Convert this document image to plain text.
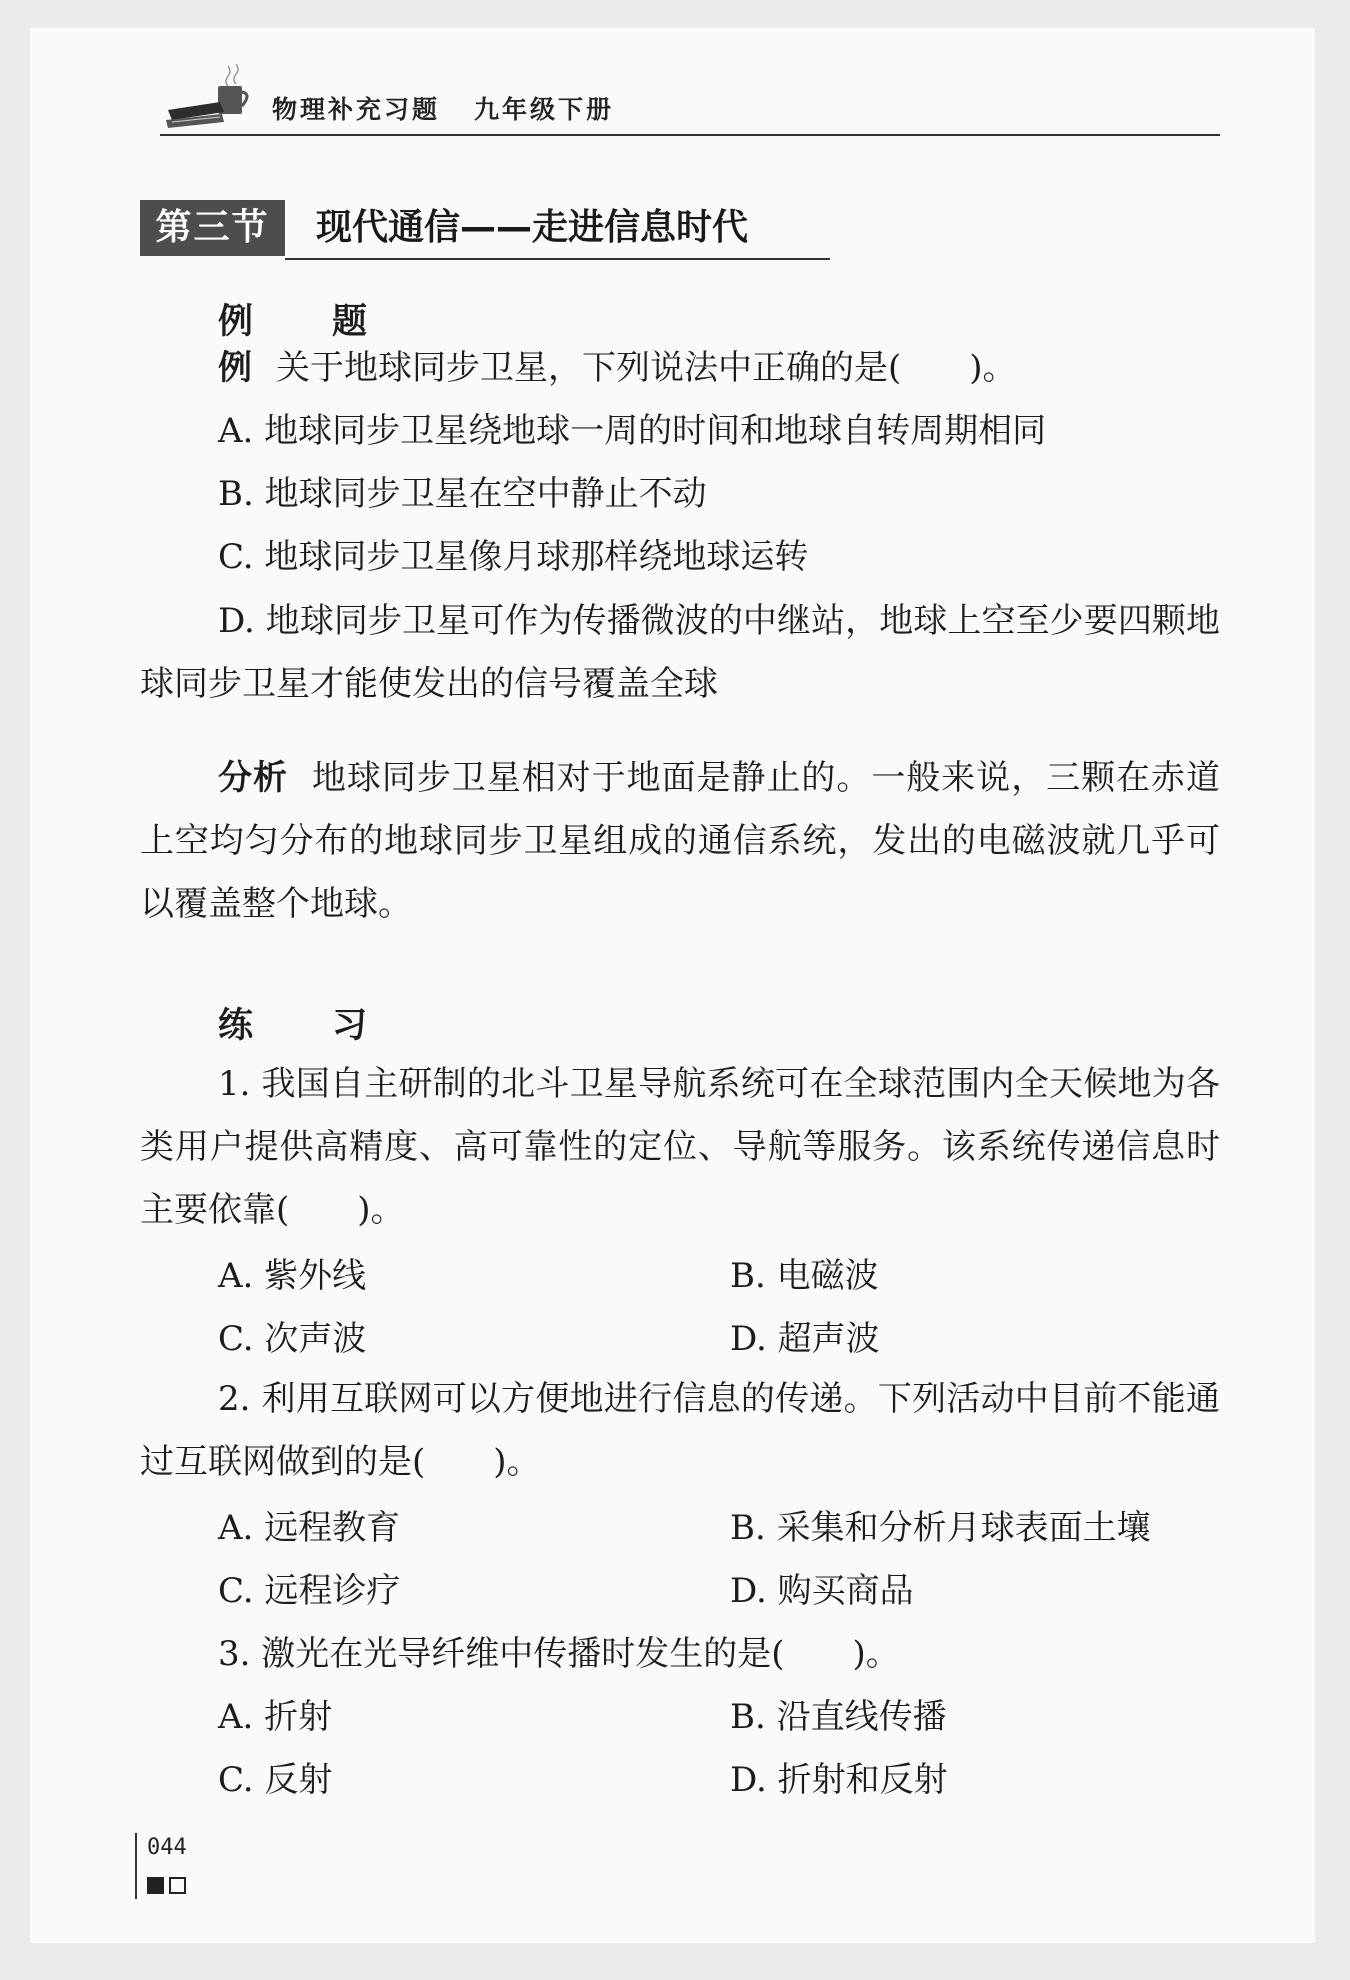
物理补充习题 九年级下册
第三节	现代通信——走进信息时代
例　题
例 关于地球同步卫星，下列说法中正确的是(　　)。
A. 地球同步卫星绕地球一周的时间和地球自转周期相同
B. 地球同步卫星在空中静止不动
C. 地球同步卫星像月球那样绕地球运转
D. 地球同步卫星可作为传播微波的中继站，地球上空至少要四颗地球同步卫星才能使发出的信号覆盖全球
分析 地球同步卫星相对于地面是静止的。一般来说，三颗在赤道上空均匀分布的地球同步卫星组成的通信系统，发出的电磁波就几乎可以覆盖整个地球。
练　习
1. 我国自主研制的北斗卫星导航系统可在全球范围内全天候地为各类用户提供高精度、高可靠性的定位、导航等服务。该系统传递信息时主要依靠(　　)。
A. 紫外线	B. 电磁波
C. 次声波	D. 超声波
2. 利用互联网可以方便地进行信息的传递。下列活动中目前不能通过互联网做到的是(　　)。
A. 远程教育	B. 采集和分析月球表面土壤
C. 远程诊疗	D. 购买商品
3. 激光在光导纤维中传播时发生的是(　　)。
A. 折射	B. 沿直线传播
C. 反射	D. 折射和反射
044
